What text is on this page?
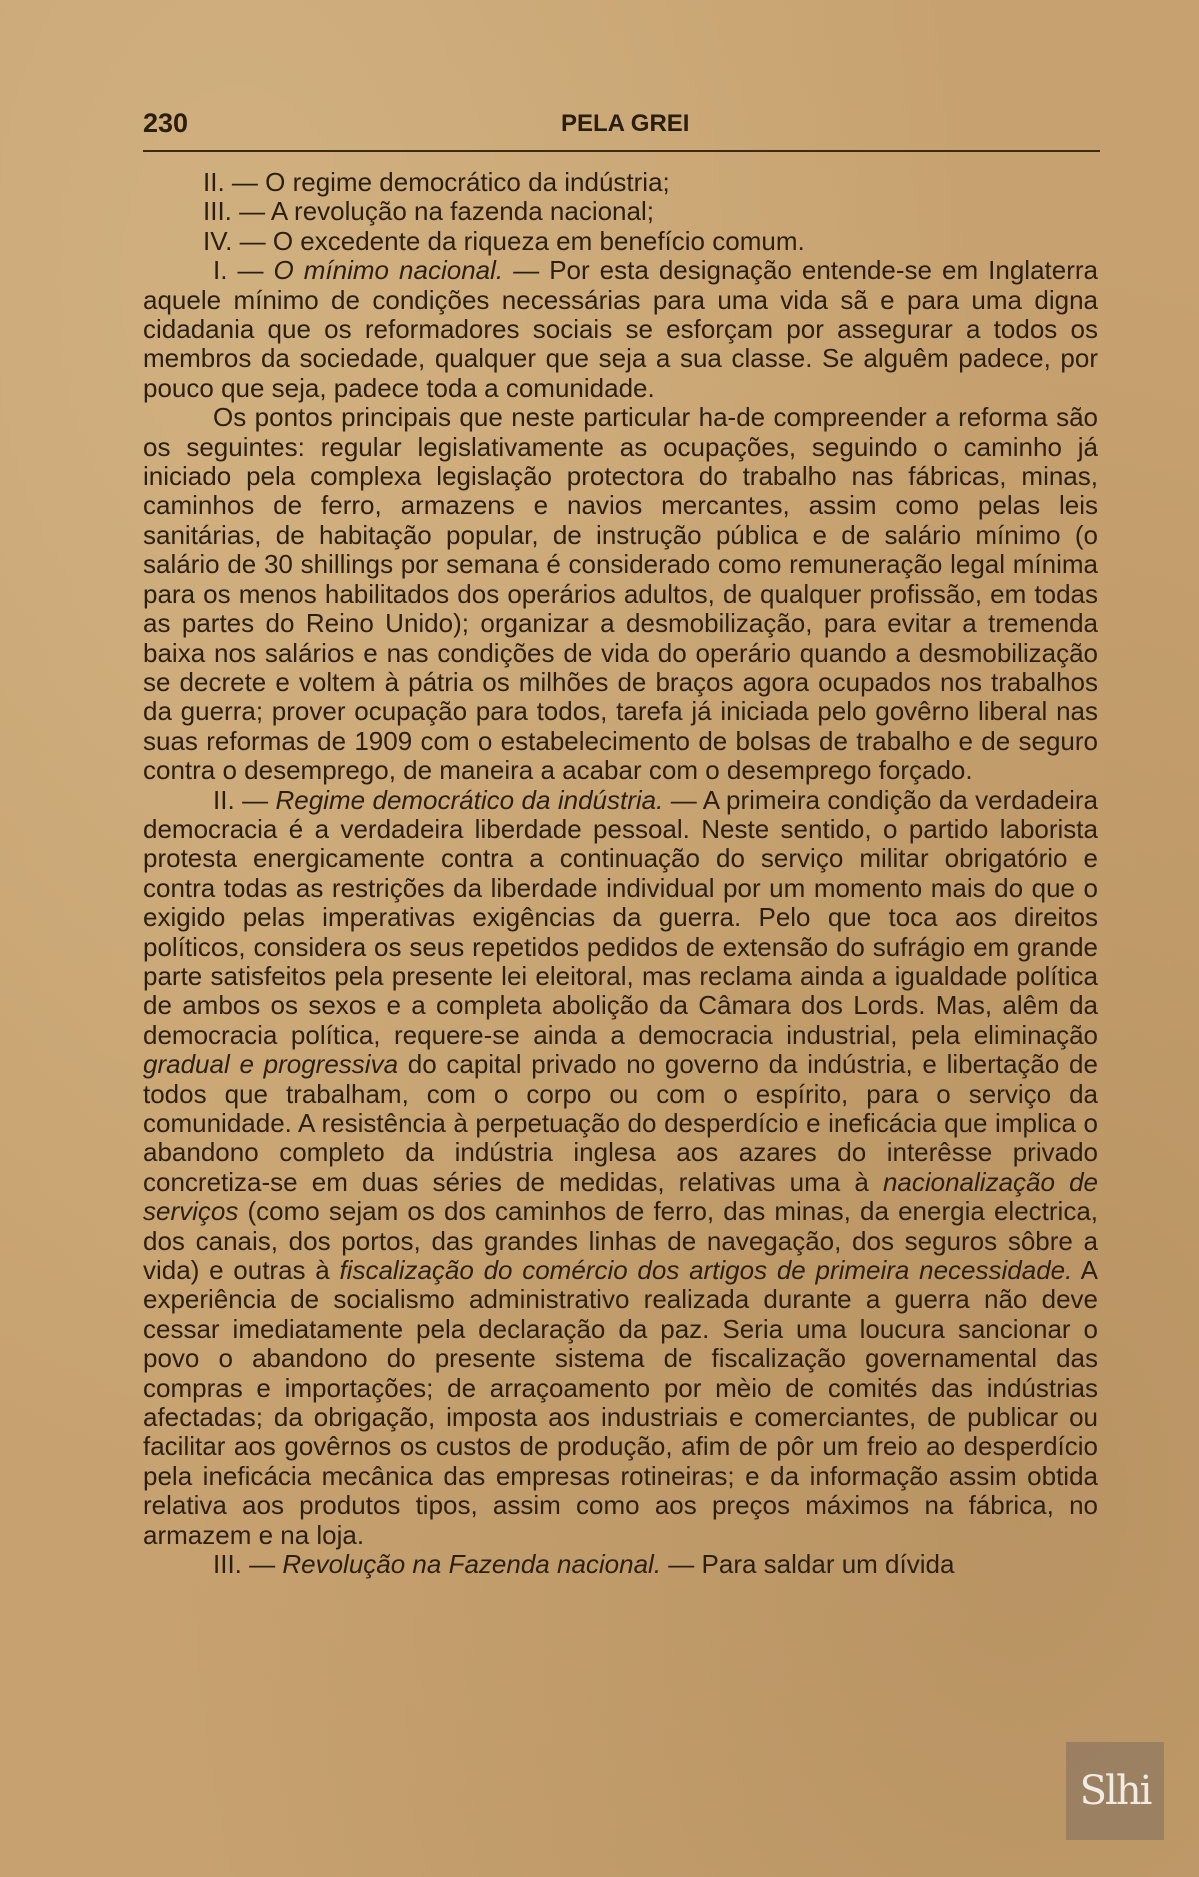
230	PELA GREI

II. — O regime democrático da indústria;

III. — A revolução na fazenda nacional;

IV. — O excedente da riqueza em benefício comum.

I. — O mínimo nacional. — Por esta designação entende-se em Inglaterra aquele mínimo de condições necessárias para uma vida sã e para uma digna cidadania que os reformadores sociais se esforçam por assegurar a todos os membros da sociedade, qualquer que seja a sua classe. Se alguêm padece, por pouco que seja, padece toda a comunidade.

Os pontos principais que neste particular ha-de compreender a reforma são os seguintes: regular legislativamente as ocupações, seguindo o caminho já iniciado pela complexa legislação protectora do trabalho nas fábricas, minas, caminhos de ferro, armazens e navios mercantes, assim como pelas leis sanitárias, de habitação popular, de instrução pública e de salário mínimo (o salário de 30 shillings por semana é considerado como remuneração legal mínima para os menos habilitados dos operários adultos, de qualquer profissão, em todas as partes do Reino Unido); organizar a desmobilização, para evitar a tremenda baixa nos salários e nas condições de vida do operário quando a desmobilização se decrete e voltem à pátria os milhões de braços agora ocupados nos trabalhos da guerra; prover ocupação para todos, tarefa já iniciada pelo govêrno liberal nas suas reformas de 1909 com o estabelecimento de bolsas de trabalho e de seguro contra o desemprego, de maneira a acabar com o desemprego forçado.

II. — Regime democrático da indústria. — A primeira condição da verdadeira democracia é a verdadeira liberdade pessoal. Neste sentido, o partido laborista protesta energicamente contra a continuação do serviço militar obrigatório e contra todas as restrições da liberdade individual por um momento mais do que o exigido pelas imperativas exigências da guerra. Pelo que toca aos direitos políticos, considera os seus repetidos pedidos de extensão do sufrágio em grande parte satisfeitos pela presente lei eleitoral, mas reclama ainda a igualdade política de ambos os sexos e a completa abolição da Câmara dos Lords. Mas, alêm da democracia política, requere-se ainda a democracia industrial, pela eliminação gradual e progressiva do capital privado no governo da indústria, e libertação de todos que trabalham, com o corpo ou com o espírito, para o serviço da comunidade. A resistência à perpetuação do desperdício e ineficácia que implica o abandono completo da indústria inglesa aos azares do interêsse privado concretiza-se em duas séries de medidas, relativas uma à nacionalização de serviços (como sejam os dos caminhos de ferro, das minas, da energia electrica, dos canais, dos portos, das grandes linhas de navegação, dos seguros sôbre a vida) e outras à fiscalização do comércio dos artigos de primeira necessidade. A experiência de socialismo administrativo realizada durante a guerra não deve cessar imediatamente pela declaração da paz. Seria uma loucura sancionar o povo o abandono do presente sistema de fiscalização governamental das compras e importações; de arraçoamento por mèio de comités das indústrias afectadas; da obrigação, imposta aos industriais e comerciantes, de publicar ou facilitar aos govêrnos os custos de produção, afim de pôr um freio ao desperdício pela ineficácia mecânica das empresas rotineiras; e da informação assim obtida relativa aos produtos tipos, assim como aos preços máximos na fábrica, no armazem e na loja.

III. — Revolução na Fazenda nacional. — Para saldar um dívida

Slhi
